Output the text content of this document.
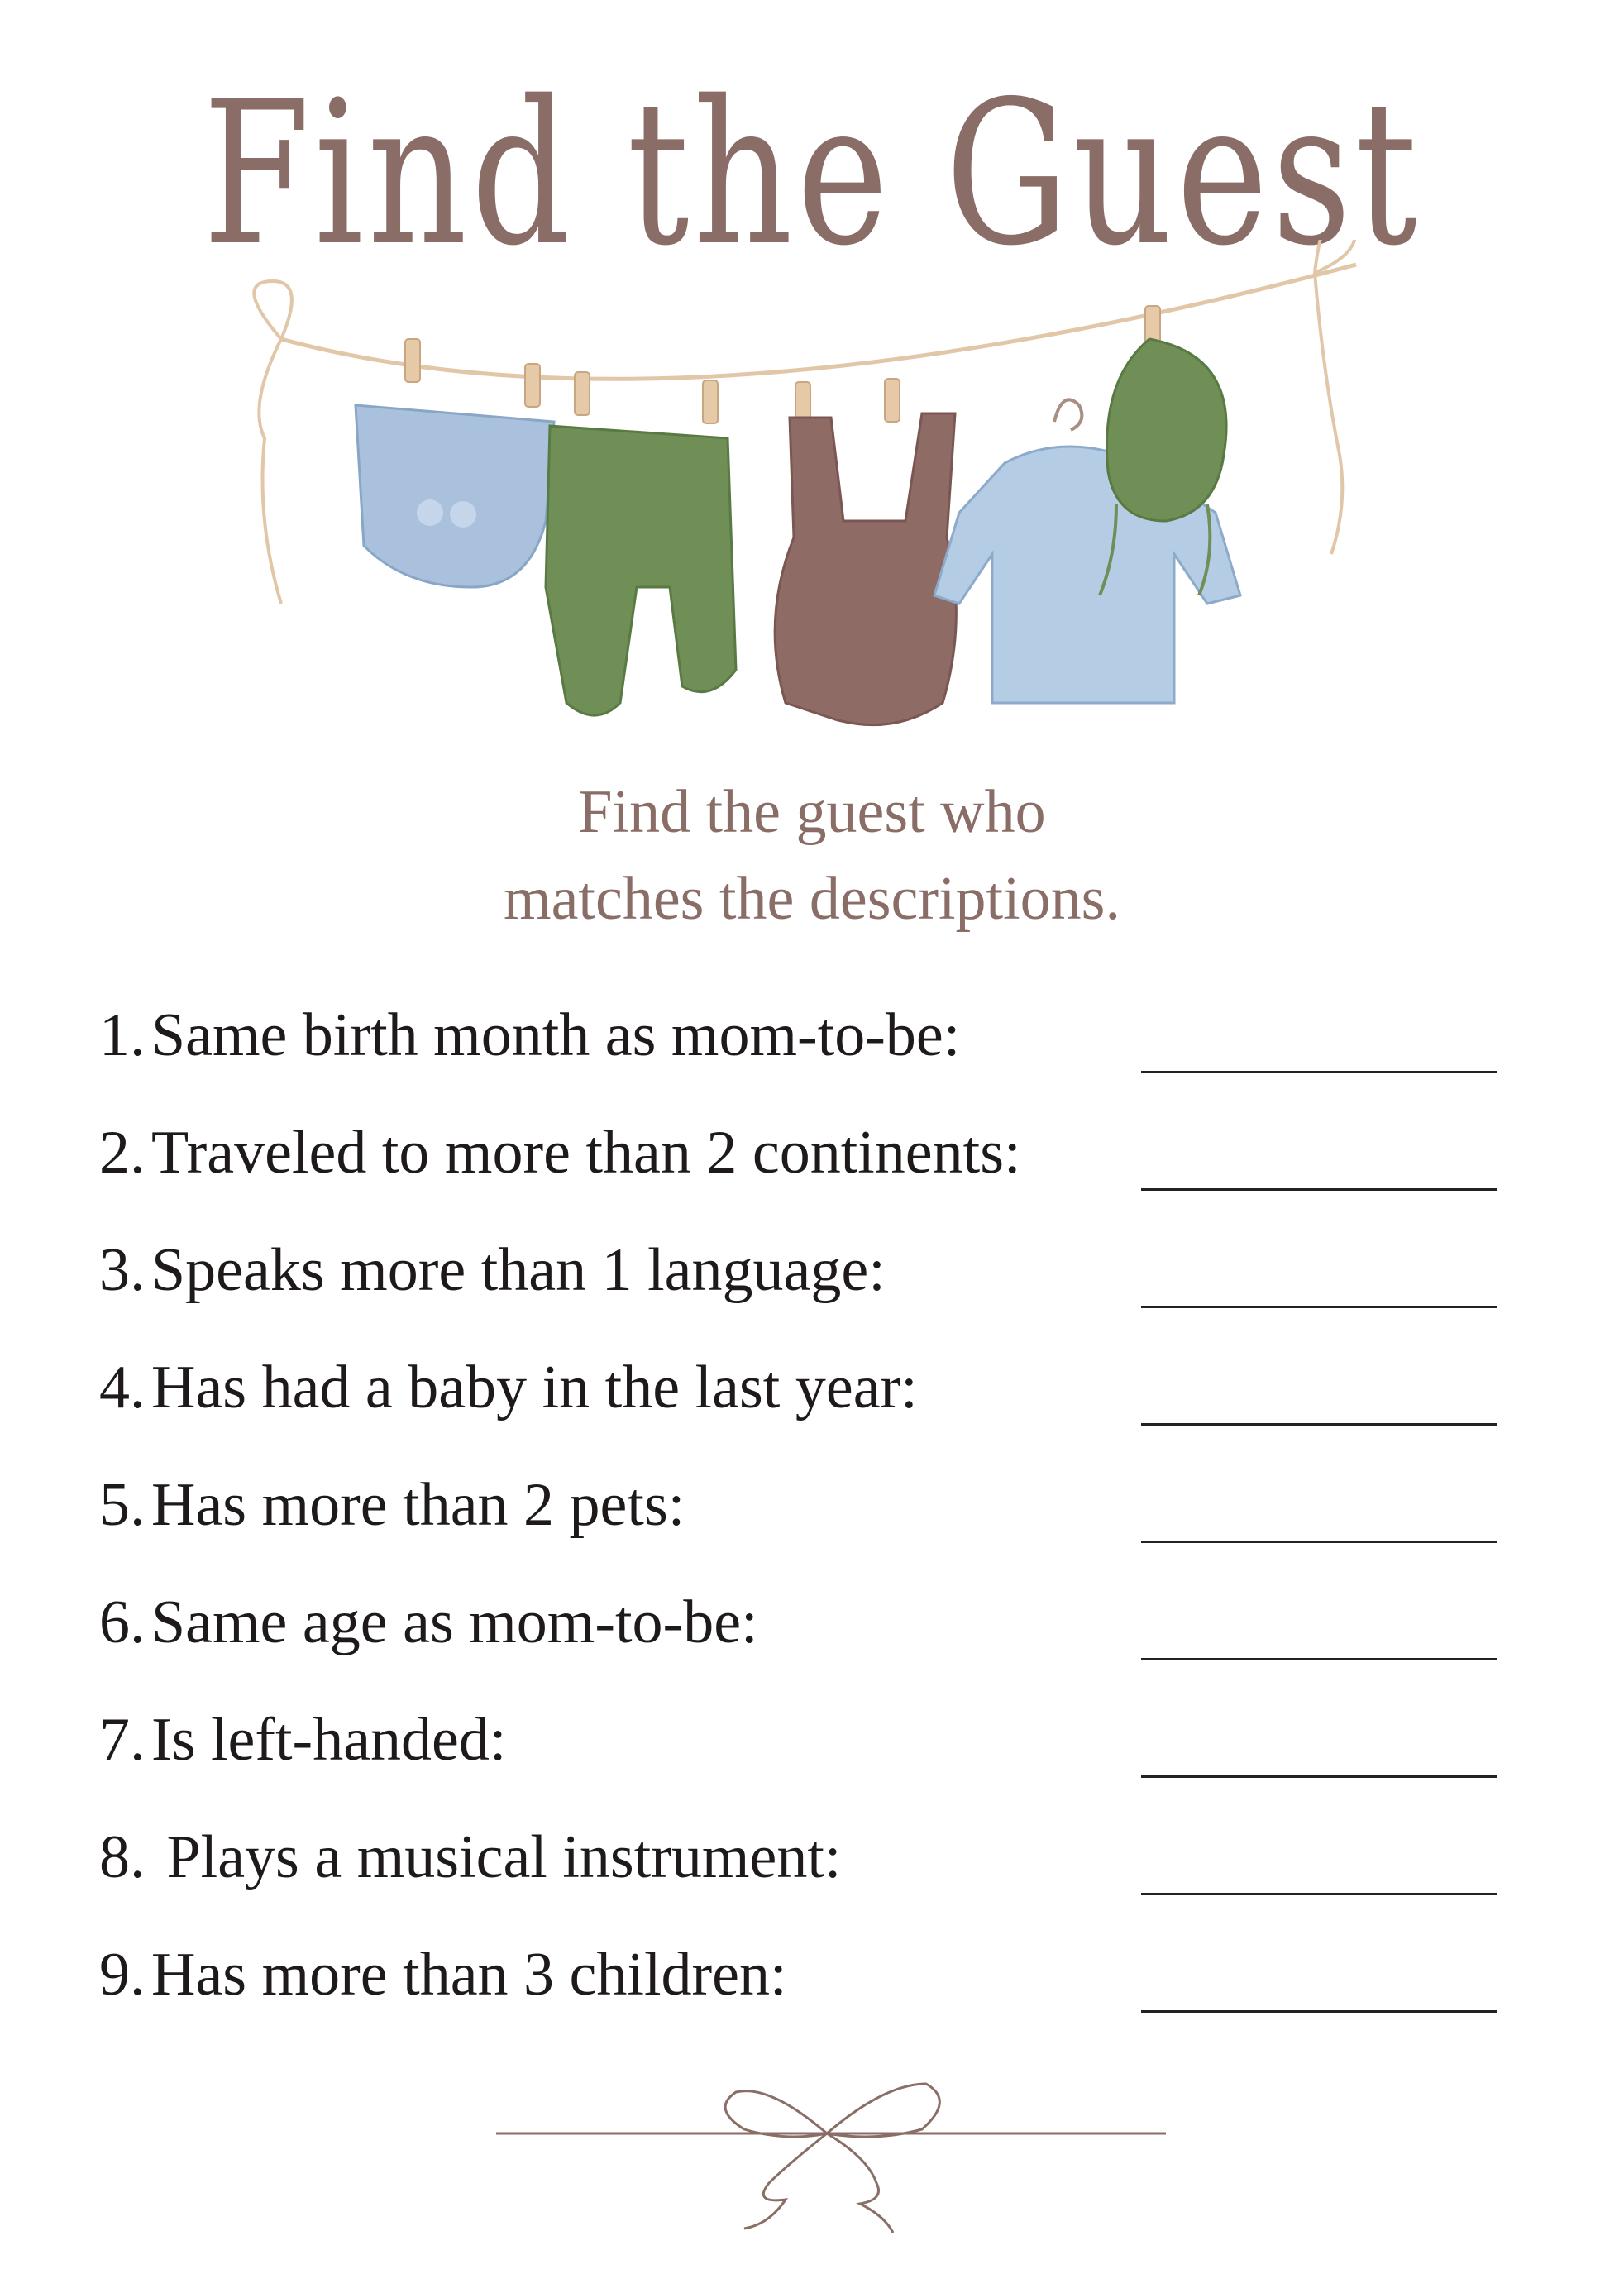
Find the Guest
Find the guest who
matches the descriptions.
1. Same birth month as mom-to-be:
2. Traveled to more than 2 continents:
3. Speaks more than 1 language:
4. Has had a baby in the last year:
5. Has more than 2 pets:
6. Same age as mom-to-be:
7. Is left-handed:
8. Plays a musical instrument:
9. Has more than 3 children:
